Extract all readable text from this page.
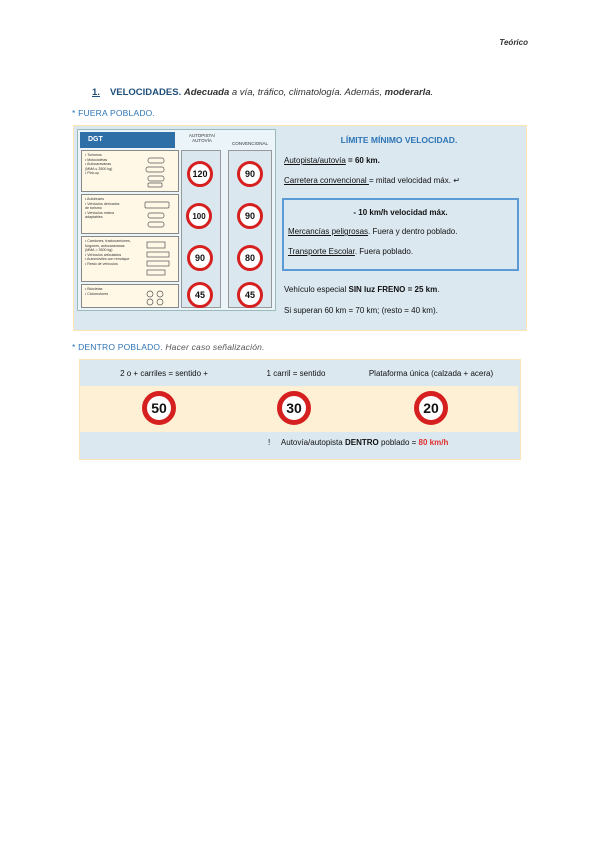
Teórico
1. VELOCIDADES. Adecuada a vía, tráfico, climatología. Además, moderarla.
* FUERA POBLADO.
DGT
AUTOPISTA/ AUTOVÍA
CONVENCIONAL
• Turismos
• Motocicletas
• Autocaravanas
(MMA ≤ 3500 kg)
• Pick-up	120	90
• Autobuses
• Vehículos derivados
de turismo
• Vehículos mixtos
adaptables	100	90
• Camiones, tractocamiones,
furgones, autocaravanas
(MMA > 3500 kg)
• Vehículos articulados
• Automóviles con remolque
• Resto de vehículos
90	80
• Bicicletas
• Ciclomotores	45	45
LÍMITE MÍNIMO VELOCIDAD.
Autopista/autovía = 60 km.
Carretera convencional = mitad velocidad máx. ↵
- 10 km/h velocidad máx.
Mercancías peligrosas. Fuera y dentro poblado.
Transporte Escolar. Fuera poblado.
Vehículo especial SIN luz FRENO = 25 km.
Si superan 60 km = 70 km; (resto = 40 km).
* DENTRO POBLADO. Hacer caso señalización.
2 o + carriles = sentido +	1 carril = sentido	Plataforma única (calzada + acera)
50	30	20
! Autovía/autopista DENTRO poblado = 80 km/h
